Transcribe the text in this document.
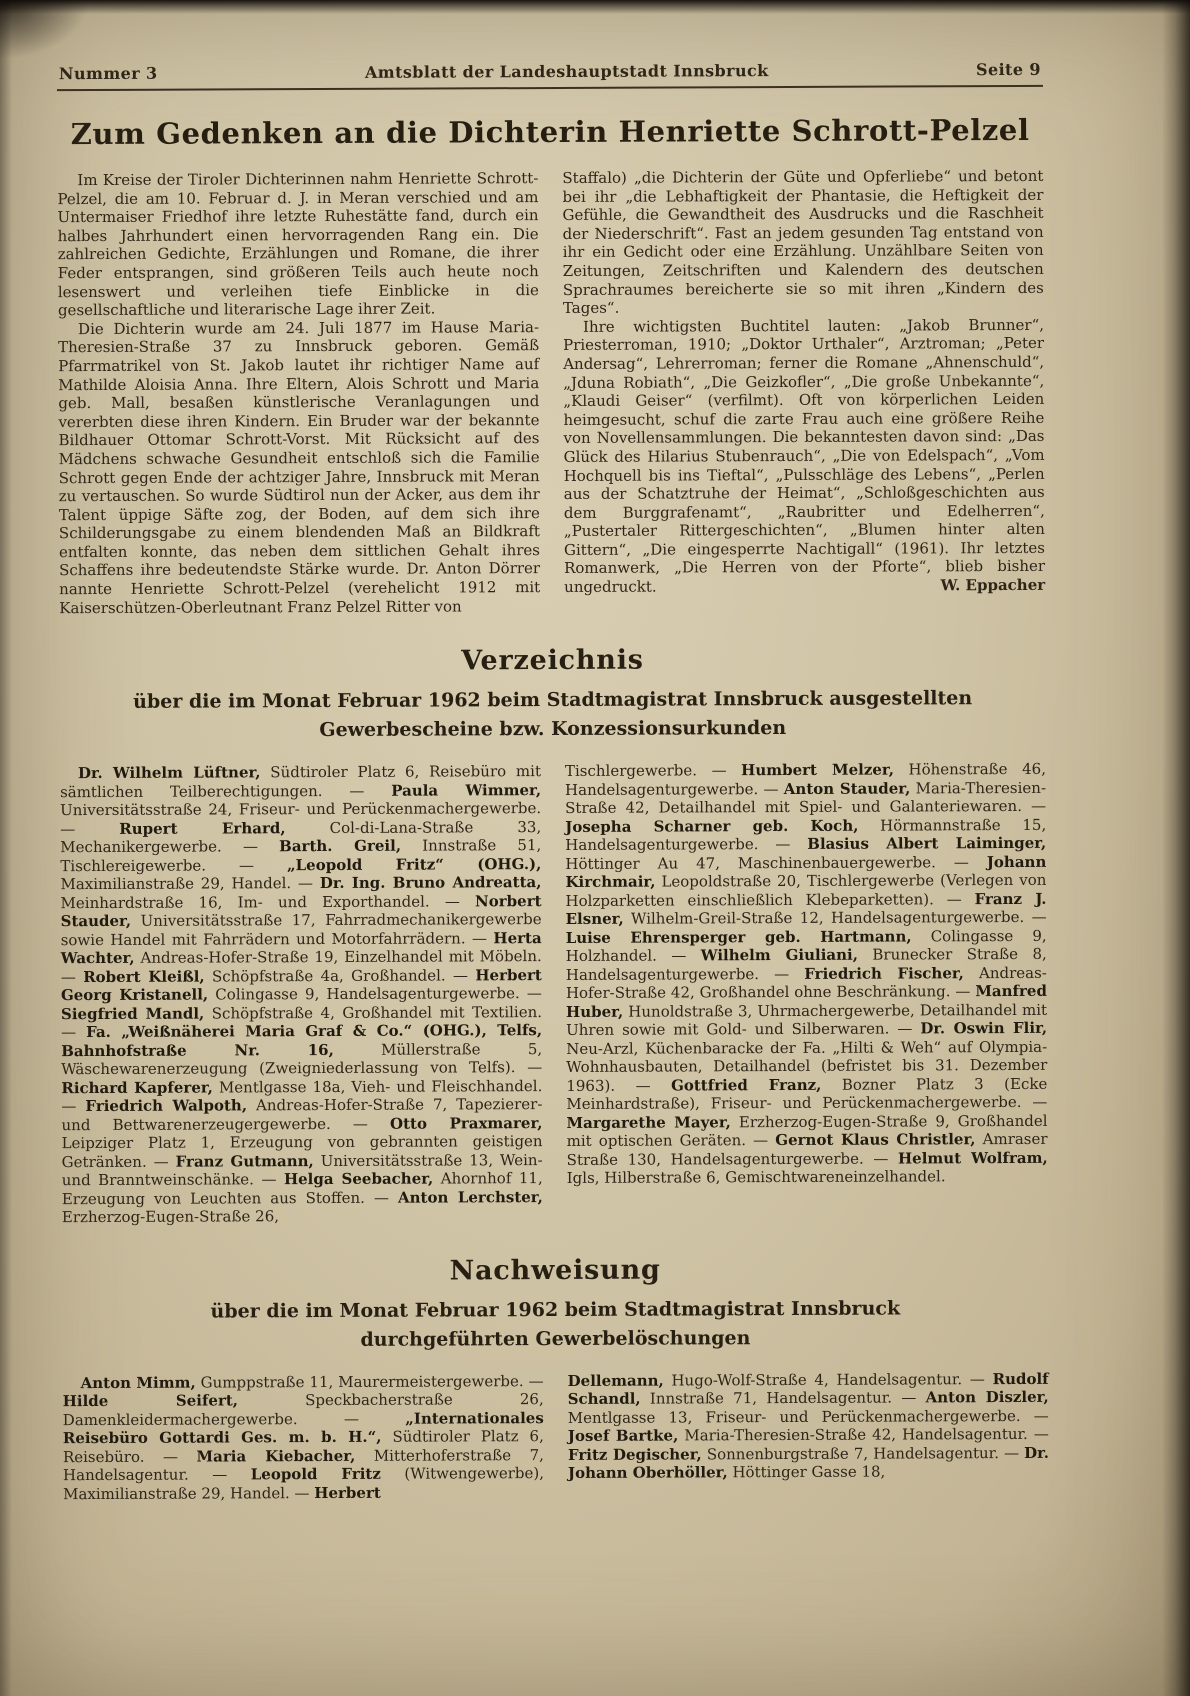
Nummer 3	Amtsblatt der Landeshauptstadt Innsbruck	Seite 9
Zum Gedenken an die Dichterin Henriette Schrott-Pelzel

Im Kreise der Tiroler Dichterinnen nahm Henriette Schrott-Pelzel, die am 10. Februar d. J. in Meran verschied und am Untermaiser Friedhof ihre letzte Ruhestätte fand, durch ein halbes Jahrhundert einen hervorragenden Rang ein. Die zahlreichen Gedichte, Erzählungen und Romane, die ihrer Feder entsprangen, sind größeren Teils auch heute noch lesenswert und verleihen tiefe Einblicke in die gesellschaftliche und literarische Lage ihrer Zeit.

Die Dichterin wurde am 24. Juli 1877 im Hause Maria-Theresien-Straße 37 zu Innsbruck geboren. Gemäß Pfarrmatrikel von St. Jakob lautet ihr richtiger Name auf Mathilde Aloisia Anna. Ihre Eltern, Alois Schrott und Maria geb. Mall, besaßen künstlerische Veranlagungen und vererbten diese ihren Kindern. Ein Bruder war der bekannte Bildhauer Ottomar Schrott-Vorst. Mit Rücksicht auf des Mädchens schwache Gesundheit entschloß sich die Familie Schrott gegen Ende der achtziger Jahre, Innsbruck mit Meran zu vertauschen. So wurde Südtirol nun der Acker, aus dem ihr Talent üppige Säfte zog, der Boden, auf dem sich ihre Schilderungsgabe zu einem blendenden Maß an Bildkraft entfalten konnte, das neben dem sittlichen Gehalt ihres Schaffens ihre bedeutendste Stärke wurde. Dr. Anton Dörrer nannte Henriette Schrott-Pelzel (verehelicht 1912 mit Kaiserschützen-Oberleutnant Franz Pelzel Ritter von

Staffalo) „die Dichterin der Güte und Opferliebe“ und betont bei ihr „die Lebhaftigkeit der Phantasie, die Heftigkeit der Gefühle, die Gewandtheit des Ausdrucks und die Raschheit der Niederschrift“. Fast an jedem gesunden Tag entstand von ihr ein Gedicht oder eine Erzählung. Unzählbare Seiten von Zeitungen, Zeitschriften und Kalendern des deutschen Sprachraumes bereicherte sie so mit ihren „Kindern des Tages“.

Ihre wichtigsten Buchtitel lauten: „Jakob Brunner“, Priesterroman, 1910; „Doktor Urthaler“, Arztroman; „Peter Andersag“, Lehrerroman; ferner die Romane „Ahnenschuld“, „Jduna Robiath“, „Die Geizkofler“, „Die große Unbekannte“, „Klaudi Geiser“ (verfilmt). Oft von körperlichen Leiden heimgesucht, schuf die zarte Frau auch eine größere Reihe von Novellensammlungen. Die bekanntesten davon sind: „Das Glück des Hilarius Stubenrauch“, „Die von Edelspach“, „Vom Hochquell bis ins Tieftal“, „Pulsschläge des Lebens“, „Perlen aus der Schatztruhe der Heimat“, „Schloßgeschichten aus dem Burggrafenamt“, „Raubritter und Edelherren“, „Pustertaler Rittergeschichten“, „Blumen hinter alten Gittern“, „Die eingesperrte Nachtigall“ (1961). Ihr letztes Romanwerk, „Die Herren von der Pforte“, blieb bisher ungedruckt.	W. Eppacher

Verzeichnis
über die im Monat Februar 1962 beim Stadtmagistrat Innsbruck ausgestellten
Gewerbescheine bzw. Konzessionsurkunden
Dr. Wilhelm Lüftner, Südtiroler Platz 6, Reisebüro mit sämtlichen Teilberechtigungen. — Paula Wimmer, Universitätsstraße 24, Friseur- und Perückenmachergewerbe. — Rupert Erhard, Col-di-Lana-Straße 33, Mechanikergewerbe. — Barth. Greil, Innstraße 51, Tischlereigewerbe. — „Leopold Fritz“ (OHG.), Maximilianstraße 29, Handel. — Dr. Ing. Bruno Andreatta, Meinhardstraße 16, Im- und Exporthandel. — Norbert Stauder, Universitätsstraße 17, Fahrradmechanikergewerbe sowie Handel mit Fahrrädern und Motorfahrrädern. — Herta Wachter, Andreas-Hofer-Straße 19, Einzelhandel mit Möbeln. — Robert Kleißl, Schöpfstraße 4a, Großhandel. — Herbert Georg Kristanell, Colingasse 9, Handelsagenturgewerbe. — Siegfried Mandl, Schöpfstraße 4, Großhandel mit Textilien. — Fa. „Weißnäherei Maria Graf & Co.“ (OHG.), Telfs, Bahnhofstraße Nr. 16, Müllerstraße 5, Wäschewarenerzeugung (Zweigniederlassung von Telfs). — Richard Kapferer, Mentlgasse 18a, Vieh- und Fleischhandel. — Friedrich Walpoth, Andreas-Hofer-Straße 7, Tapezierer- und Bettwarenerzeugergewerbe. — Otto Praxmarer, Leipziger Platz 1, Erzeugung von gebrannten geistigen Getränken. — Franz Gutmann, Universitätsstraße 13, Wein- und Branntweinschänke. — Helga Seebacher, Ahornhof 11, Erzeugung von Leuchten aus Stoffen. — Anton Lerchster, Erzherzog-Eugen-Straße 26,
Tischlergewerbe. — Humbert Melzer, Höhenstraße 46, Handelsagenturgewerbe. — Anton Stauder, Maria-Theresien-Straße 42, Detailhandel mit Spiel- und Galanteriewaren. — Josepha Scharner geb. Koch, Hörmannstraße 15, Handelsagenturgewerbe. — Blasius Albert Laiminger, Höttinger Au 47, Maschinenbauergewerbe. — Johann Kirchmair, Leopoldstraße 20, Tischlergewerbe (Verlegen von Holzparketten einschließlich Klebeparketten). — Franz J. Elsner, Wilhelm-Greil-Straße 12, Handelsagenturgewerbe. — Luise Ehrensperger geb. Hartmann, Colingasse 9, Holzhandel. — Wilhelm Giuliani, Brunecker Straße 8, Handelsagenturgewerbe. — Friedrich Fischer, Andreas-Hofer-Straße 42, Großhandel ohne Beschränkung. — Manfred Huber, Hunoldstraße 3, Uhrmachergewerbe, Detailhandel mit Uhren sowie mit Gold- und Silberwaren. — Dr. Oswin Flir, Neu-Arzl, Küchenbaracke der Fa. „Hilti & Weh“ auf Olympia-Wohnhausbauten, Detailhandel (befristet bis 31. Dezember 1963). — Gottfried Franz, Bozner Platz 3 (Ecke Meinhardstraße), Friseur- und Perückenmachergewerbe. — Margarethe Mayer, Erzherzog-Eugen-Straße 9, Großhandel mit optischen Geräten. — Gernot Klaus Christler, Amraser Straße 130, Handelsagenturgewerbe. — Helmut Wolfram, Igls, Hilberstraße 6, Gemischtwareneinzelhandel.
Nachweisung
über die im Monat Februar 1962 beim Stadtmagistrat Innsbruck
durchgeführten Gewerbelöschungen
Anton Mimm, Gumppstraße 11, Maurermeistergewerbe. — Hilde Seifert, Speckbacherstraße 26, Damenkleidermachergewerbe. — „Internationales Reisebüro Gottardi Ges. m. b. H.“, Südtiroler Platz 6, Reisebüro. — Maria Kiebacher, Mitterhoferstraße 7, Handelsagentur. — Leopold Fritz (Witwengewerbe), Maximilianstraße 29, Handel. — Herbert
Dellemann, Hugo-Wolf-Straße 4, Handelsagentur. — Rudolf Schandl, Innstraße 71, Handelsagentur. — Anton Diszler, Mentlgasse 13, Friseur- und Perückenmachergewerbe. — Josef Bartke, Maria-Theresien-Straße 42, Handelsagentur. — Fritz Degischer, Sonnenburgstraße 7, Handelsagentur. — Dr. Johann Oberhöller, Höttinger Gasse 18,
